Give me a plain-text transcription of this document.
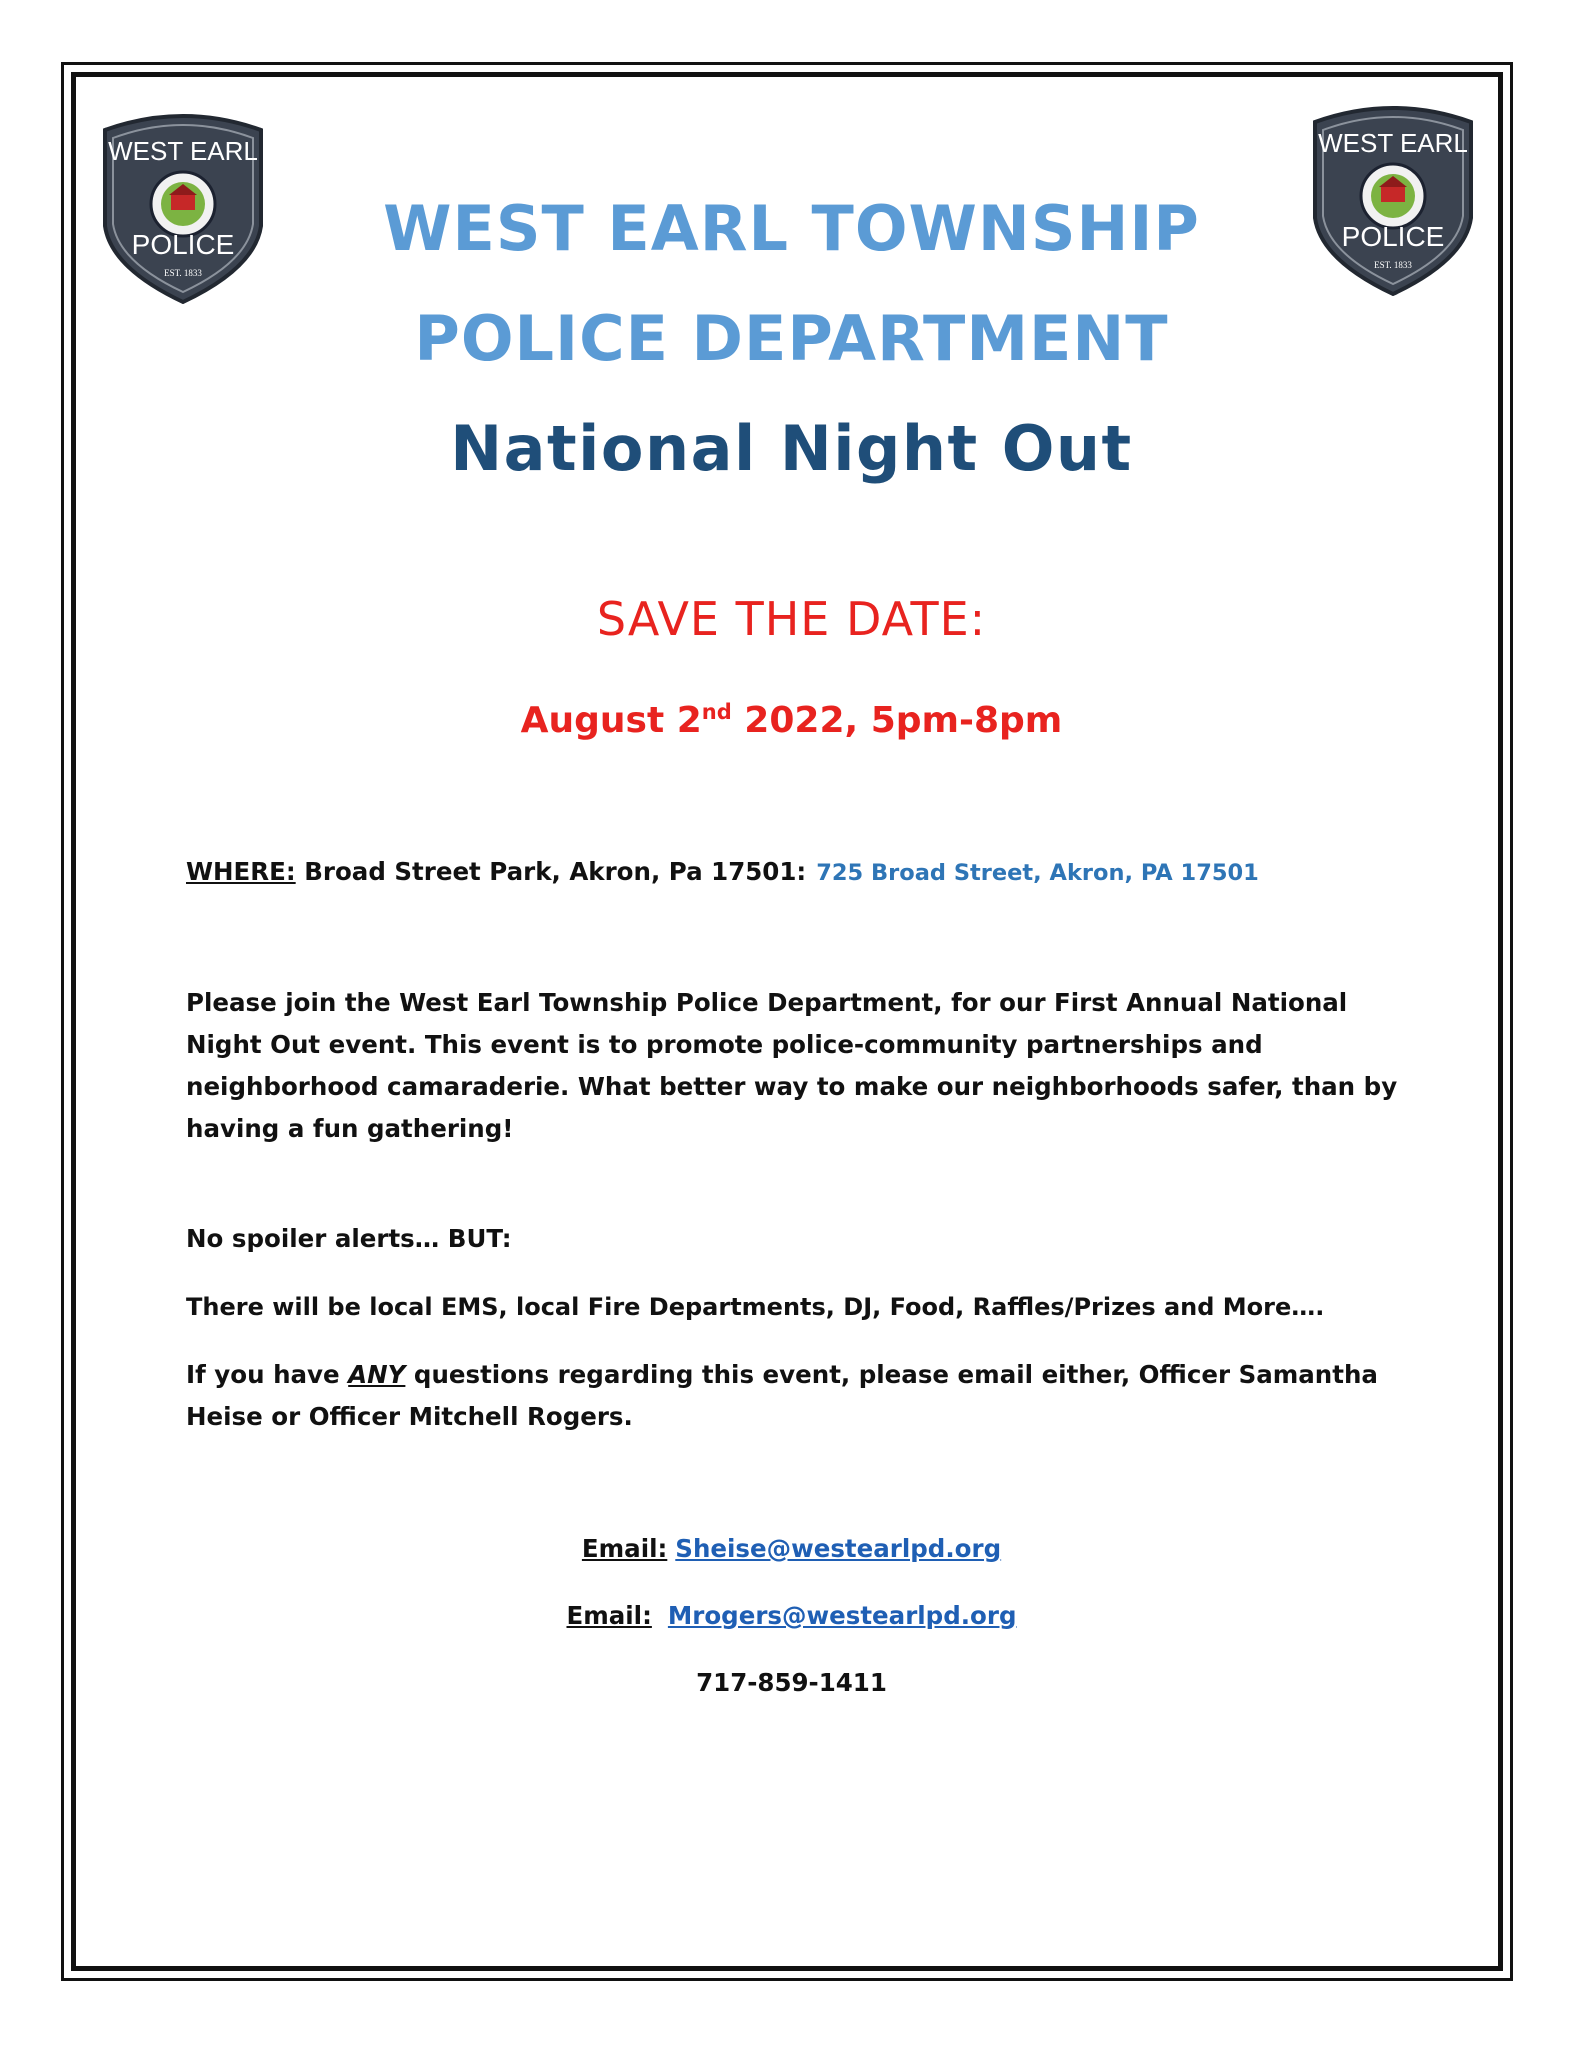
WEST EARL
POLICE
EST. 1833
WEST EARL
POLICE
EST. 1833
WEST EARL TOWNSHIP
POLICE DEPARTMENT
National Night Out
SAVE THE DATE:
August 2nd 2022, 5pm-8pm
WHERE: Broad Street Park, Akron, Pa 17501: 725 Broad Street, Akron, PA 17501
Please join the West Earl Township Police Department, for our First Annual National Night Out event. This event is to promote police-community partnerships and neighborhood camaraderie. What better way to make our neighborhoods safer, than by having a fun gathering!
No spoiler alerts… BUT:
There will be local EMS, local Fire Departments, DJ, Food, Raffles/Prizes and More….
If you have ANY questions regarding this event, please email either, Officer Samantha Heise or Officer Mitchell Rogers.
Email: Sheise@westearlpd.org
Email: Mrogers@westearlpd.org
717-859-1411
